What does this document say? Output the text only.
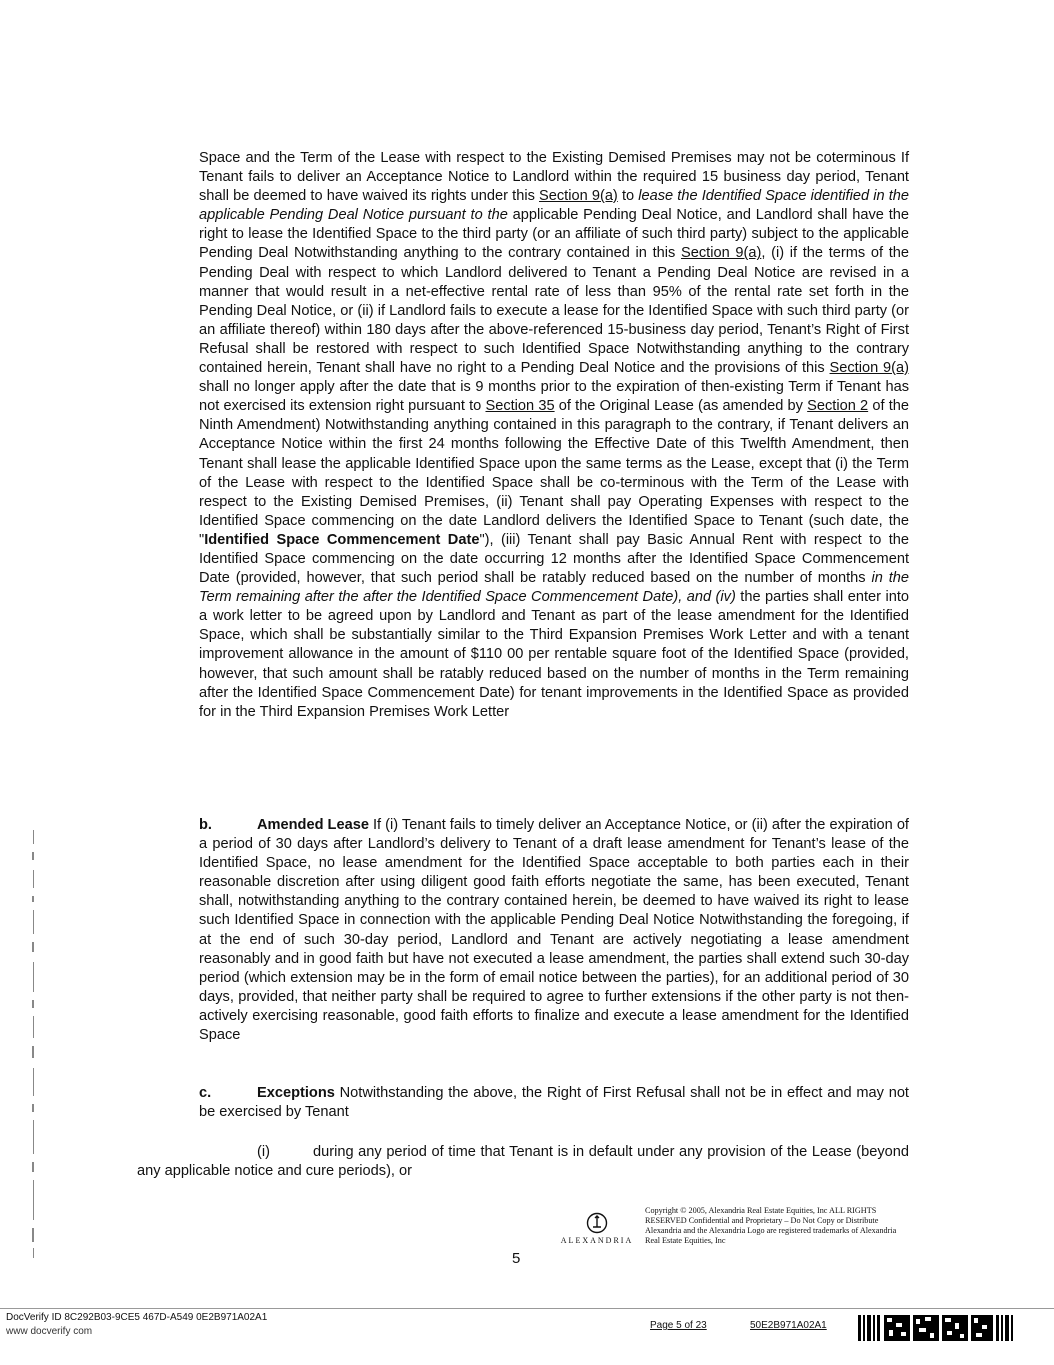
Space and the Term of the Lease with respect to the Existing Demised Premises may not be coterminous If Tenant fails to deliver an Acceptance Notice to Landlord within the required 15 business day period, Tenant shall be deemed to have waived its rights under this Section 9(a) to lease the Identified Space identified in the applicable Pending Deal Notice pursuant to the applicable Pending Deal Notice, and Landlord shall have the right to lease the Identified Space to the third party (or an affiliate of such third party) subject to the applicable Pending Deal Notwithstanding anything to the contrary contained in this Section 9(a), (i) if the terms of the Pending Deal with respect to which Landlord delivered to Tenant a Pending Deal Notice are revised in a manner that would result in a net-effective rental rate of less than 95% of the rental rate set forth in the Pending Deal Notice, or (ii) if Landlord fails to execute a lease for the Identified Space with such third party (or an affiliate thereof) within 180 days after the above-referenced 15-business day period, Tenant’s Right of First Refusal shall be restored with respect to such Identified Space Notwithstanding anything to the contrary contained herein, Tenant shall have no right to a Pending Deal Notice and the provisions of this Section 9(a) shall no longer apply after the date that is 9 months prior to the expiration of then-existing Term if Tenant has not exercised its extension right pursuant to Section 35 of the Original Lease (as amended by Section 2 of the Ninth Amendment) Notwithstanding anything contained in this paragraph to the contrary, if Tenant delivers an Acceptance Notice within the first 24 months following the Effective Date of this Twelfth Amendment, then Tenant shall lease the applicable Identified Space upon the same terms as the Lease, except that (i) the Term of the Lease with respect to the Identified Space shall be co-terminous with the Term of the Lease with respect to the Existing Demised Premises, (ii) Tenant shall pay Operating Expenses with respect to the Identified Space commencing on the date Landlord delivers the Identified Space to Tenant (such date, the "Identified Space Commencement Date"), (iii) Tenant shall pay Basic Annual Rent with respect to the Identified Space commencing on the date occurring 12 months after the Identified Space Commencement Date (provided, however, that such period shall be ratably reduced based on the number of months in the Term remaining after the after the Identified Space Commencement Date), and (iv) the parties shall enter into a work letter to be agreed upon by Landlord and Tenant as part of the lease amendment for the Identified Space, which shall be substantially similar to the Third Expansion Premises Work Letter and with a tenant improvement allowance in the amount of $110 00 per rentable square foot of the Identified Space (provided, however, that such amount shall be ratably reduced based on the number of months in the Term remaining after the Identified Space Commencement Date) for tenant improvements in the Identified Space as provided for in the Third Expansion Premises Work Letter
b.	Amended Lease If (i) Tenant fails to timely deliver an Acceptance Notice, or (ii) after the expiration of a period of 30 days after Landlord’s delivery to Tenant of a draft lease amendment for Tenant’s lease of the Identified Space, no lease amendment for the Identified Space acceptable to both parties each in their reasonable discretion after using diligent good faith efforts negotiate the same, has been executed, Tenant shall, notwithstanding anything to the contrary contained herein, be deemed to have waived its right to lease such Identified Space in connection with the applicable Pending Deal Notice Notwithstanding the foregoing, if at the end of such 30-day period, Landlord and Tenant are actively negotiating a lease amendment reasonably and in good faith but have not executed a lease amendment, the parties shall extend such 30-day period (which extension may be in the form of email notice between the parties), for an additional period of 30 days, provided, that neither party shall be required to agree to further extensions if the other party is not then-actively exercising reasonable, good faith efforts to finalize and execute a lease amendment for the Identified Space
c.	Exceptions Notwithstanding the above, the Right of First Refusal shall not be in effect and may not be exercised by Tenant
(i)	during any period of time that Tenant is in default under any provision of the Lease (beyond any applicable notice and cure periods), or
ALEXANDRIA
Copyright © 2005, Alexandria Real Estate Equities, Inc ALL RIGHTS RESERVED Confidential and Proprietary – Do Not Copy or Distribute Alexandria and the Alexandria Logo are registered trademarks of Alexandria Real Estate Equities, Inc
5
DocVerify ID 8C292B03-9CE5 467D-A549 0E2B971A02A1
www docverify com
Page 5 of 23	50E2B971A02A1
